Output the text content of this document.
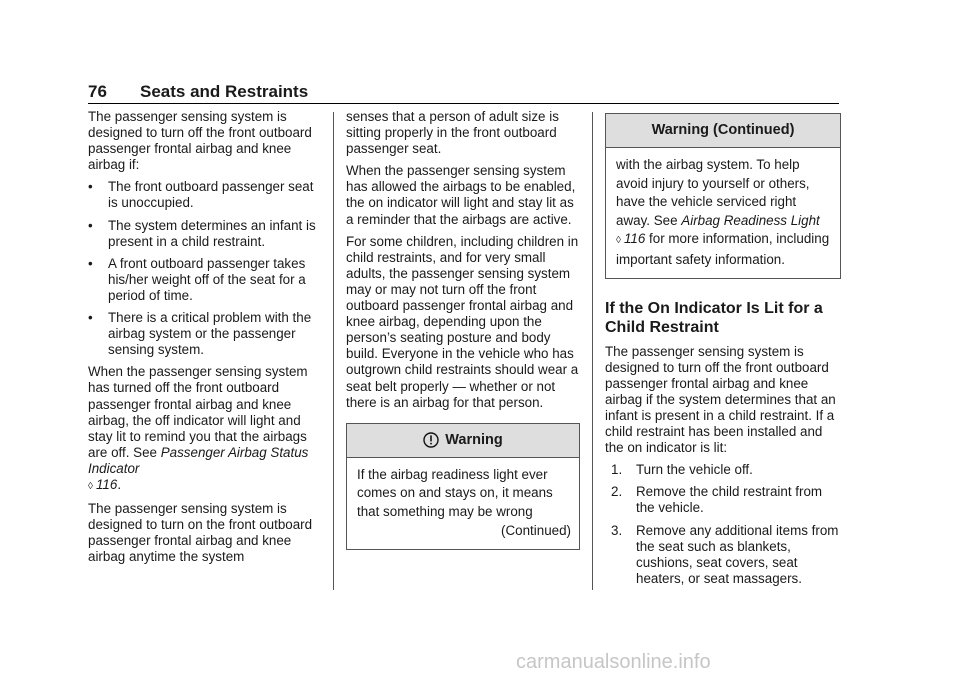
76 Seats and Restraints

The passenger sensing system is designed to turn off the front outboard passenger frontal airbag and knee airbag if:

• The front outboard passenger seat is unoccupied.
• The system determines an infant is present in a child restraint.
• A front outboard passenger takes his/her weight off of the seat for a period of time.
• There is a critical problem with the airbag system or the passenger sensing system.

When the passenger sensing system has turned off the front outboard passenger frontal airbag and knee airbag, the off indicator will light and stay lit to remind you that the airbags are off. See Passenger Airbag Status Indicator
◊ 116.

The passenger sensing system is designed to turn on the front outboard passenger frontal airbag and knee airbag anytime the system

senses that a person of adult size is sitting properly in the front outboard passenger seat.

When the passenger sensing system has allowed the airbags to be enabled, the on indicator will light and stay lit as a reminder that the airbags are active.

For some children, including children in child restraints, and for very small adults, the passenger sensing system may or may not turn off the front outboard passenger frontal airbag and knee airbag, depending upon the person’s seating posture and body build. Everyone in the vehicle who has outgrown child restraints should wear a seat belt properly — whether or not there is an airbag for that person.

Warning
If the airbag readiness light ever comes on and stays on, it means that something may be wrong
(Continued)
Warning (Continued)
with the airbag system. To help avoid injury to yourself or others, have the vehicle serviced right away. See Airbag Readiness Light ◊ 116 for more information, including important safety information.
If the On Indicator Is Lit for a Child Restraint

The passenger sensing system is designed to turn off the front outboard passenger frontal airbag and knee airbag if the system determines that an infant is present in a child restraint. If a child restraint has been installed and the on indicator is lit:

1. Turn the vehicle off.
2. Remove the child restraint from the vehicle.
3. Remove any additional items from the seat such as blankets, cushions, seat covers, seat heaters, or seat massagers.
carmanualsonline.info
